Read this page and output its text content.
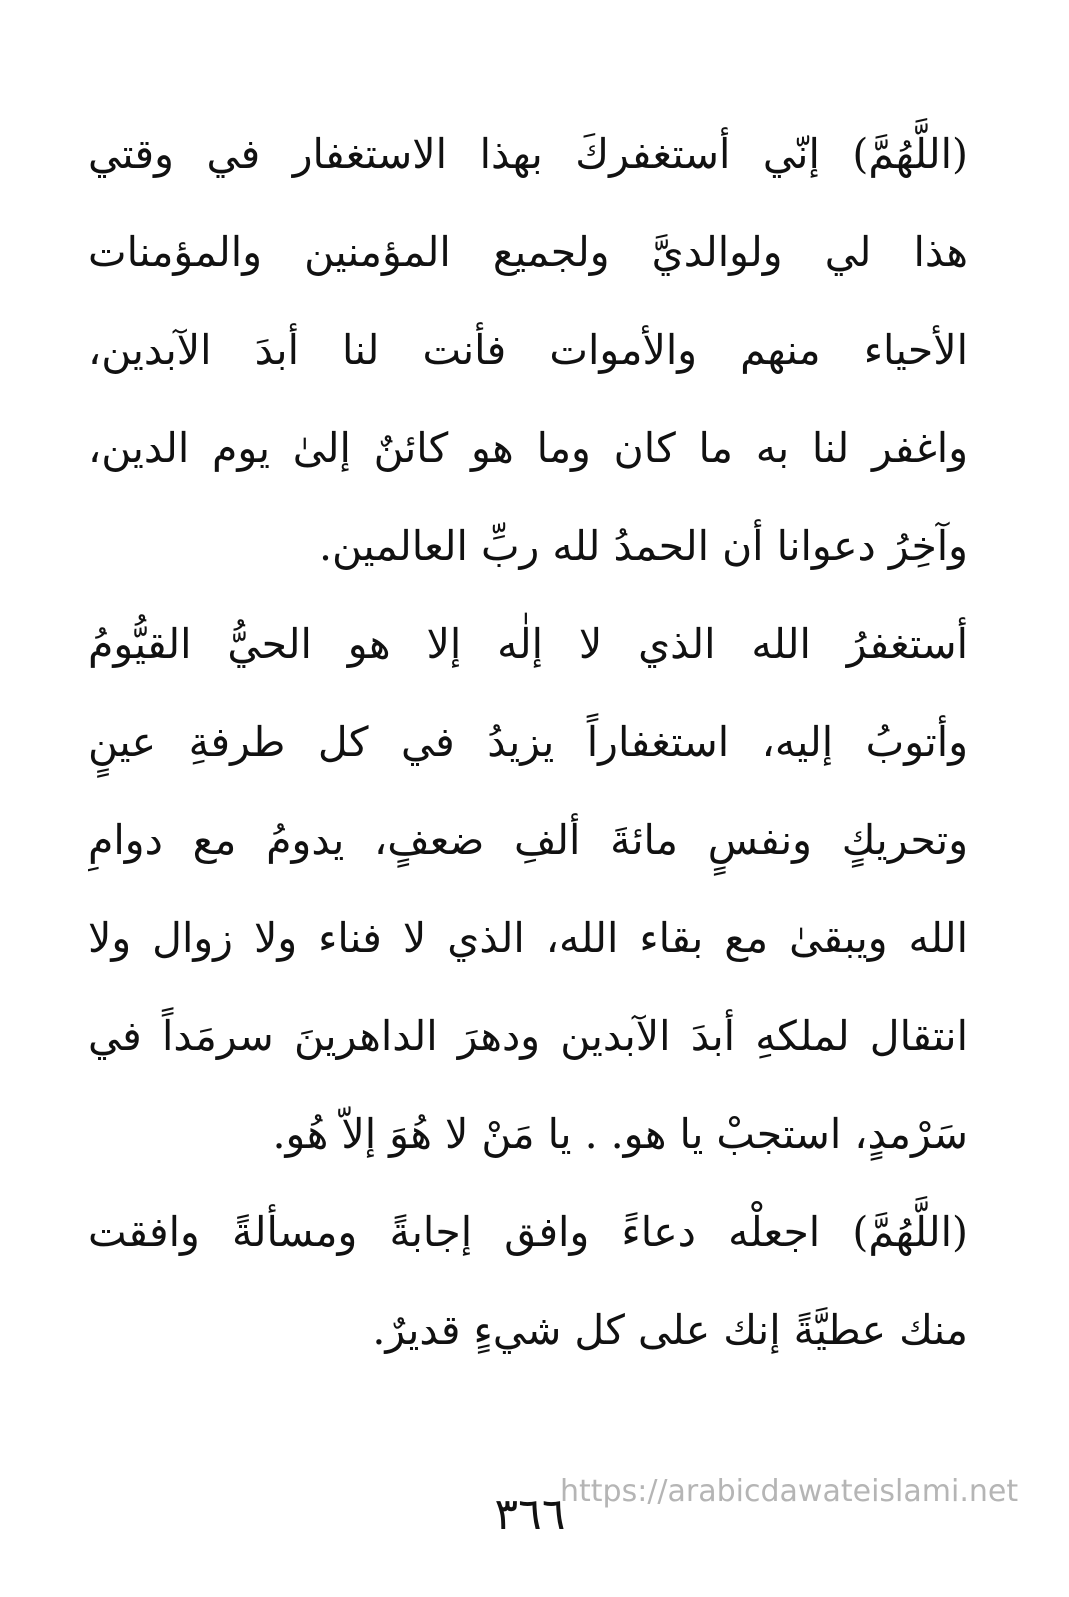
(اللَّهُمَّ) إنّي أستغفركَ بهذا الاستغفار في وقتي
هذا لي ولوالديَّ ولجميع المؤمنين والمؤمنات
الأحياء منهم والأموات فأنت لنا أبدَ الآبدين،
واغفر لنا به ما كان وما هو كائنٌ إلىٰ يوم الدين،
وآخِرُ دعوانا أن الحمدُ لله ربِّ العالمين.

أستغفرُ الله الذي لا إلٰه إلا هو الحيُّ القيُّومُ
وأتوبُ إليه، استغفاراً يزيدُ في كل طرفةِ عينٍ
وتحريكٍ ونفسٍ مائةَ ألفِ ضعفٍ، يدومُ مع دوامِ
الله ويبقىٰ مع بقاء الله، الذي لا فناء ولا زوال ولا
انتقال لملكهِ أبدَ الآبدين ودهرَ الداهرينَ سرمَداً في
سَرْمدٍ، استجبْ يا هو. . يا مَنْ لا هُوَ إلاّ هُو.

(اللَّهُمَّ) اجعلْه دعاءً وافق إجابةً ومسألةً وافقت
منك عطيَّةً إنك على كل شيءٍ قديرٌ.

٣٦٦
https://arabicdawateislami.net
